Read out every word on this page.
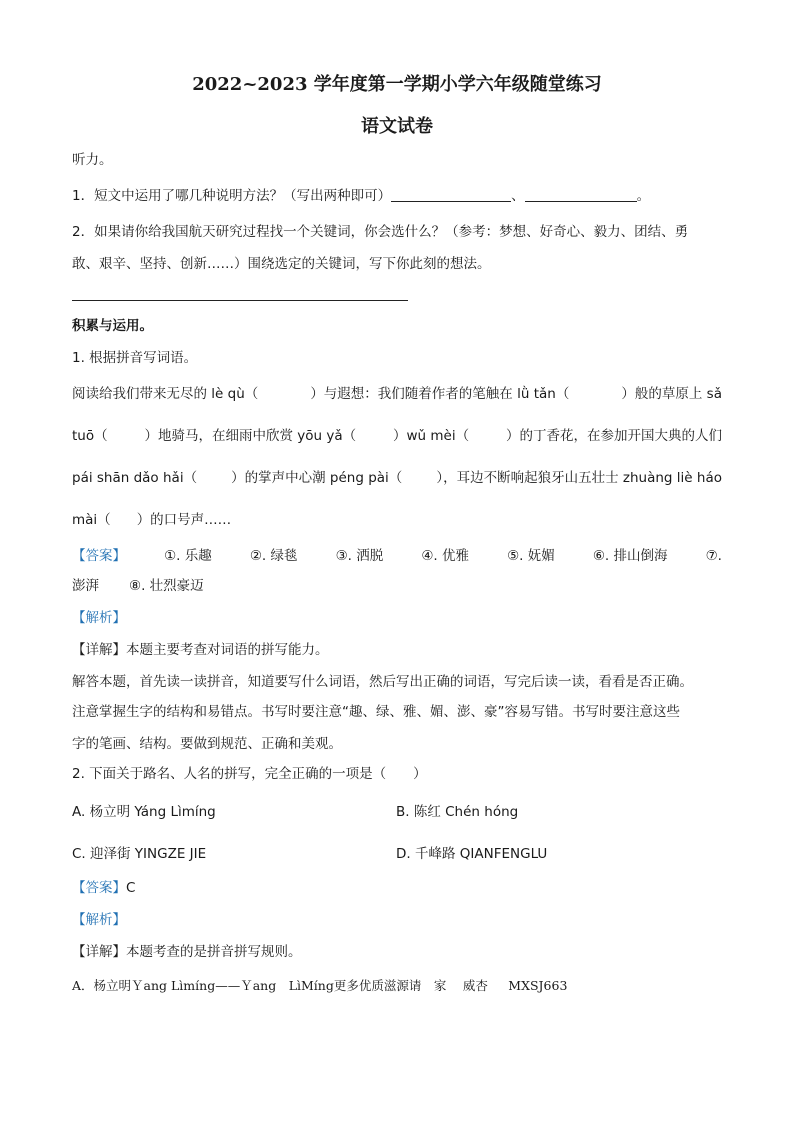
2022~2023 学年度第一学期小学六年级随堂练习
语文试卷
听力。
1．短文中运用了哪几种说明方法？（写出两种即可）	、	。
2．如果请你给我国航天研究过程找一个关键词，你会选什么？（参考：梦想、好奇心、毅力、团结、勇
敢、艰辛、坚持、创新……）围绕选定的关键词，写下你此刻的想法。
积累与运用。
1. 根据拼音写词语。
阅读给我们带来无尽的 lè qù（	）与遐想：我们随着作者的笔触在 lǜ tǎn（	）般的草原上 sǎ
tuō（	）地骑马，在细雨中欣赏 yōu yǎ（	）wǔ mèi（	）的丁香花，在参加开国大典的人们
pái shān dǎo hǎi（	）的掌声中心潮 péng pài（	），耳边不断响起狼牙山五壮士 zhuàng liè háo
mài（ ）的口号声……
【答案】	①. 乐趣	②. 绿毯	③. 洒脱	④. 优雅	⑤. 妩媚	⑥. 排山倒海	⑦.
澎湃 ⑧. 壮烈豪迈
【解析】
【详解】本题主要考查对词语的拼写能力。
解答本题，首先读一读拼音，知道要写什么词语，然后写出正确的词语，写完后读一读，看看是否正确。
注意掌握生字的结构和易错点。书写时要注意“趣、绿、雅、媚、澎、豪”容易写错。书写时要注意这些
字的笔画、结构。要做到规范、正确和美观。
2. 下面关于路名、人名的拼写，完全正确的一项是（　　）
A. 杨立明 Yáng Lìmíng	B. 陈红 Chén hóng
C. 迎泽街 YINGZE JIE	D. 千峰路 QIANFENGLU
【答案】C
【解析】
【详解】本题考查的是拼音拼写规则。
A．杨立明Ｙang Lìmíng——Ｙang　LìMíng更多优质滋源请　家　 威杏 　 MXSJ663
